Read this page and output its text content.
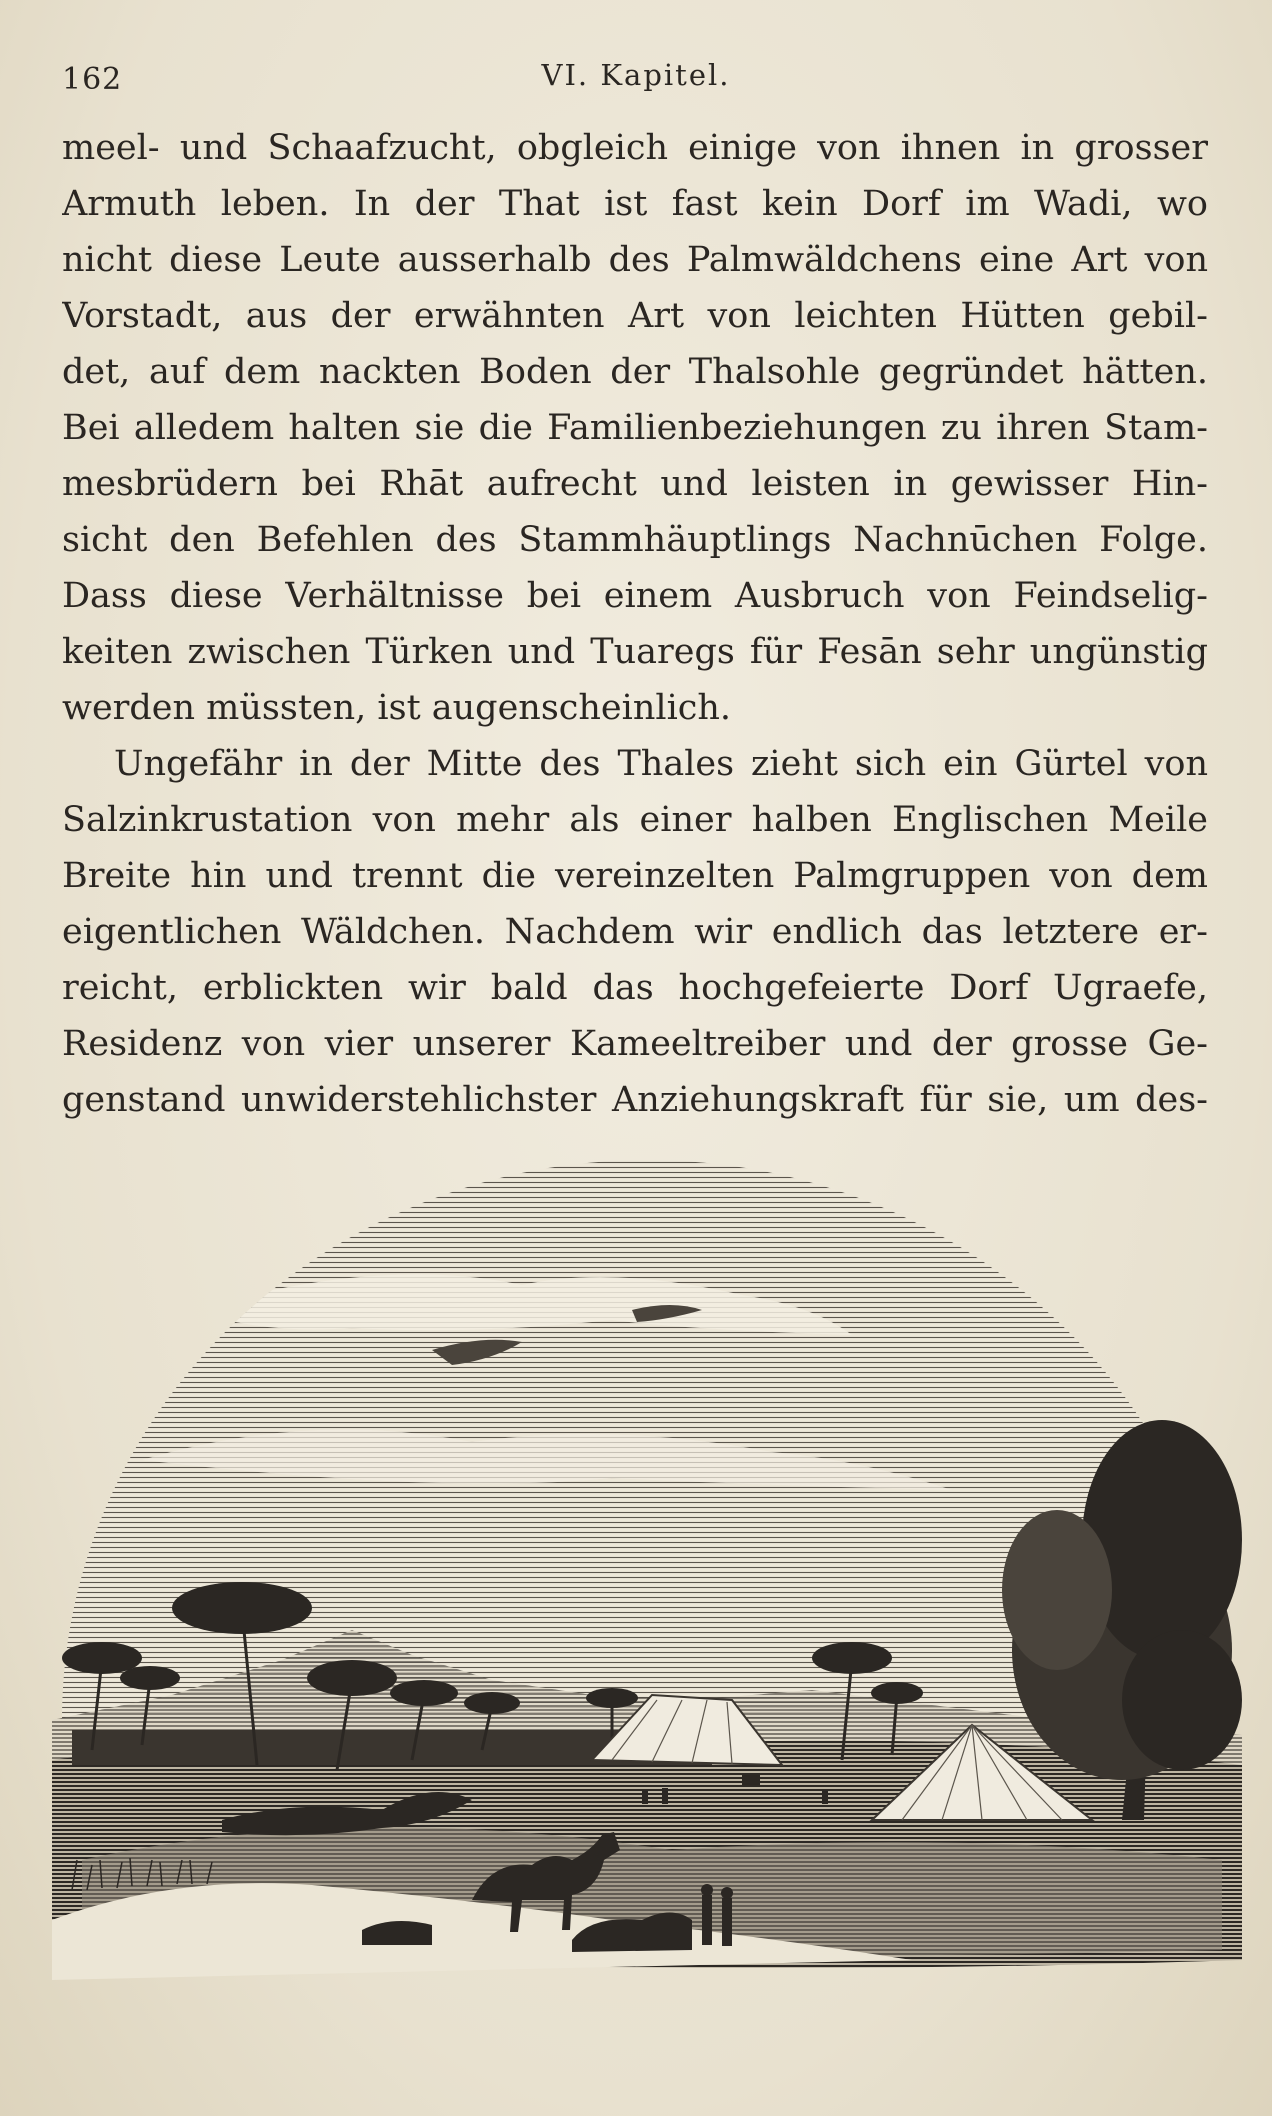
162	VI. Kapitel.
meel- und Schaafzucht, obgleich einige von ihnen in grosser
Armuth leben. In der That ist fast kein Dorf im Wadi, wo
nicht diese Leute ausserhalb des Palmwäldchens eine Art von
Vorstadt, aus der erwähnten Art von leichten Hütten gebil-
det, auf dem nackten Boden der Thalsohle gegründet hätten.
Bei alledem halten sie die Familienbeziehungen zu ihren Stam-
mesbrüdern bei Rhāt aufrecht und leisten in gewisser Hin-
sicht den Befehlen des Stammhäuptlings Nachnūchen Folge.
Dass diese Verhältnisse bei einem Ausbruch von Feindselig-
keiten zwischen Türken und Tuaregs für Fesān sehr ungünstig
werden müssten, ist augenscheinlich.
Ungefähr in der Mitte des Thales zieht sich ein Gürtel von
Salzinkrustation von mehr als einer halben Englischen Meile
Breite hin und trennt die vereinzelten Palmgruppen von dem
eigentlichen Wäldchen. Nachdem wir endlich das letztere er-
reicht, erblickten wir bald das hochgefeierte Dorf Ugraefe,
Residenz von vier unserer Kameeltreiber und der grosse Ge-
genstand unwiderstehlichster Anziehungskraft für sie, um des-
